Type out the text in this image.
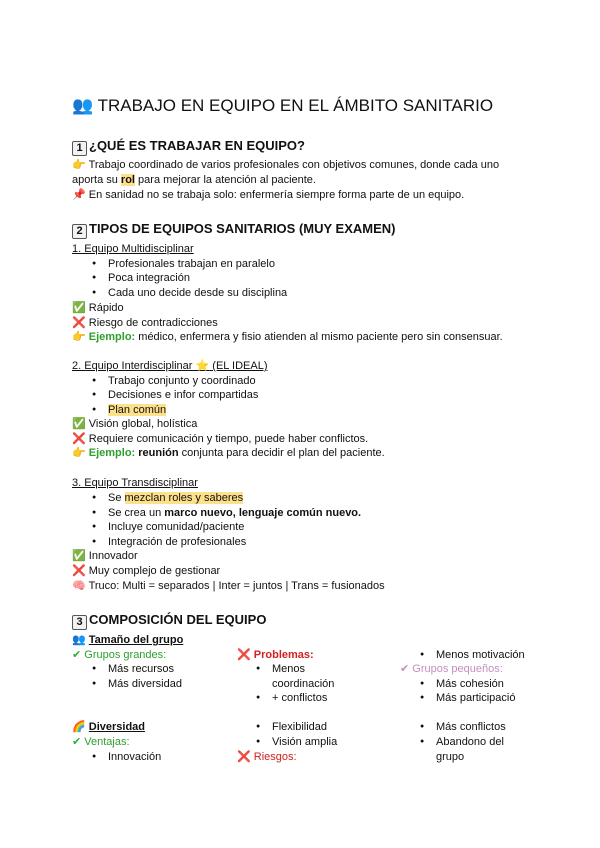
👥 TRABAJO EN EQUIPO EN EL ÁMBITO SANITARIO
1 ¿QUÉ ES TRABAJAR EN EQUIPO?
👉 Trabajo coordinado de varios profesionales con objetivos comunes, donde cada uno
aporta su rol para mejorar la atención al paciente.
📌 En sanidad no se trabaja solo: enfermería siempre forma parte de un equipo.
2 TIPOS DE EQUIPOS SANITARIOS (MUY EXAMEN)
1. Equipo Multidisciplinar
● Profesionales trabajan en paralelo
● Poca integración
● Cada uno decide desde su disciplina
✅ Rápido
❌ Riesgo de contradicciones
👉 Ejemplo: médico, enfermera y fisio atienden al mismo paciente pero sin consensuar.
2. Equipo Interdisciplinar ⭐ (EL IDEAL)
● Trabajo conjunto y coordinado
● Decisiones e infor compartidas
● Plan común
✅ Visión global, holística
❌ Requiere comunicación y tiempo, puede haber conflictos.
👉 Ejemplo: reunión conjunta para decidir el plan del paciente.
3. Equipo Transdisciplinar
● Se mezclan roles y saberes
● Se crea un marco nuevo, lenguaje común nuevo.
● Incluye comunidad/paciente
● Integración de profesionales
✅ Innovador
❌ Muy complejo de gestionar
🧠 Truco: Multi = separados | Inter = juntos | Trans = fusionados
3 COMPOSICIÓN DEL EQUIPO
👥 Tamaño del grupo
✔ Grupos grandes:
● Más recursos
● Más diversidad
🌈 Diversidad
✔ Ventajas:
● Innovación
❌ Problemas:
● Menos
coordinación
● + conflictos
● Flexibilidad
● Visión amplia
❌ Riesgos:
● Menos motivación
✔ Grupos pequeños:
● Más cohesión
● Más participació
● Más conflictos
● Abandono del
grupo
